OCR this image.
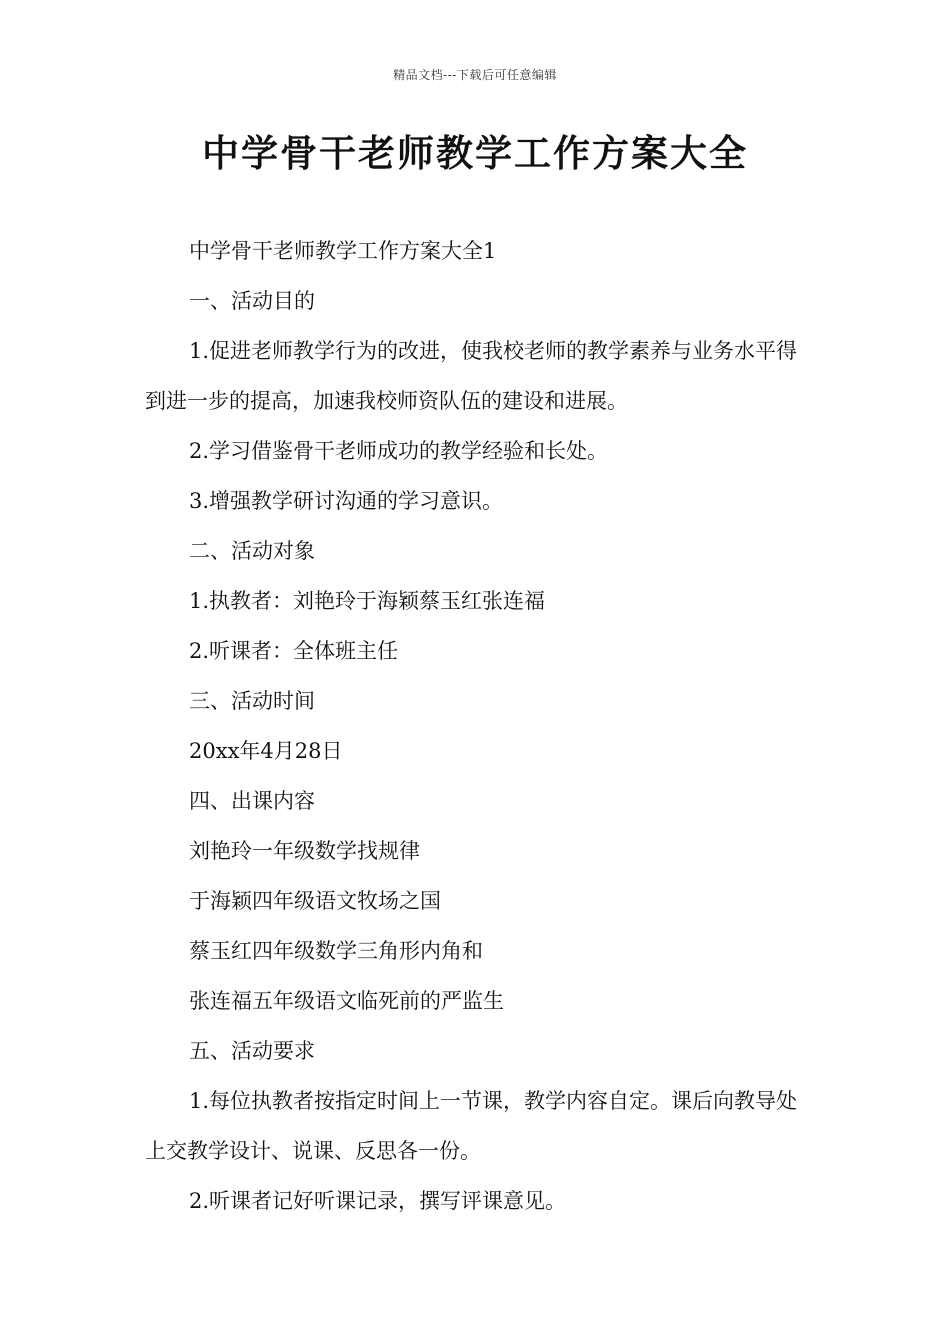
精品文档---下载后可任意编辑
中学骨干老师教学工作方案大全

中学骨干老师教学工作方案大全1

一、活动目的

1.促进老师教学行为的改进，使我校老师的教学素养与业务水平得到进一步的提高，加速我校师资队伍的建设和进展。

2.学习借鉴骨干老师成功的教学经验和长处。

3.增强教学研讨沟通的学习意识。

二、活动对象

1.执教者：刘艳玲于海颖蔡玉红张连福

2.听课者：全体班主任

三、活动时间

20xx年4月28日

四、出课内容

刘艳玲一年级数学找规律

于海颖四年级语文牧场之国

蔡玉红四年级数学三角形内角和

张连福五年级语文临死前的严监生

五、活动要求

1.每位执教者按指定时间上一节课，教学内容自定。课后向教导处上交教学设计、说课、反思各一份。

2.听课者记好听课记录，撰写评课意见。
